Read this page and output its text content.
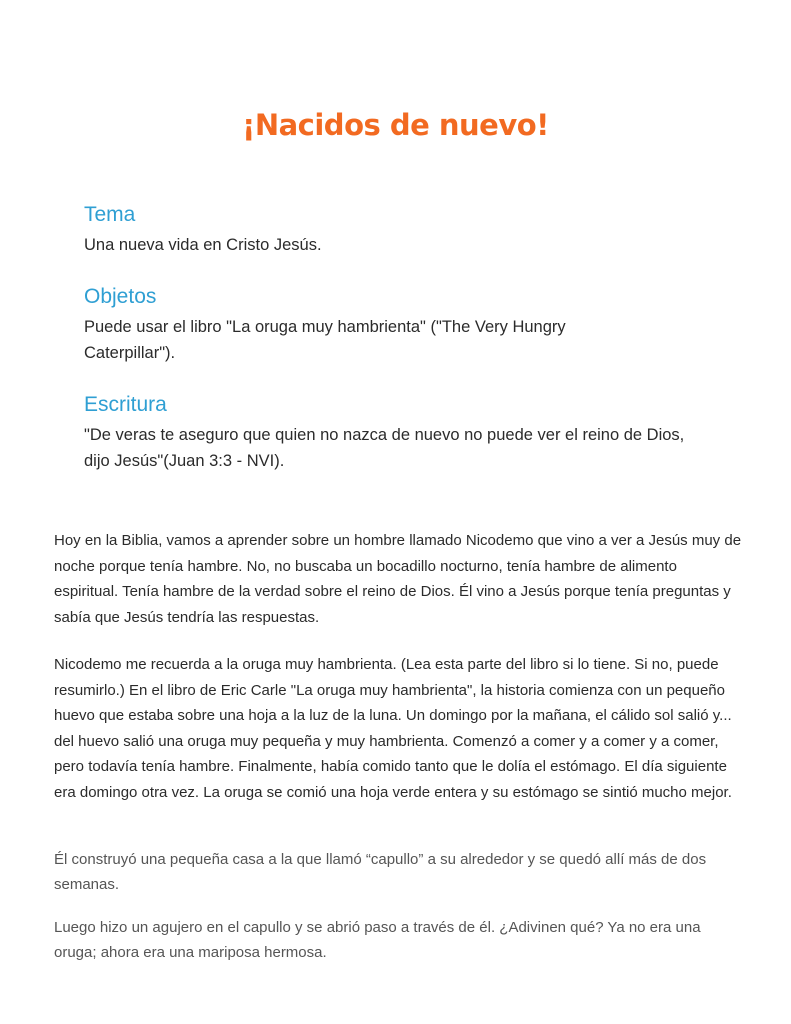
¡Nacidos de nuevo!
Tema

Una nueva vida en Cristo Jesús.

Objetos

Puede usar el libro "La oruga muy hambrienta" ("The Very Hungry Caterpillar").

Escritura

"De veras te aseguro que quien no nazca de nuevo no puede ver el reino de Dios, dijo Jesús"(Juan 3:3 - NVI).

Hoy en la Biblia, vamos a aprender sobre un hombre llamado Nicodemo que vino a ver a Jesús muy de noche porque tenía hambre. No, no buscaba un bocadillo nocturno, tenía hambre de alimento espiritual. Tenía hambre de la verdad sobre el reino de Dios. Él vino a Jesús porque tenía preguntas y sabía que Jesús tendría las respuestas.

Nicodemo me recuerda a la oruga muy hambrienta. (Lea esta parte del libro si lo tiene. Si no, puede resumirlo.) En el libro de Eric Carle "La oruga muy hambrienta", la historia comienza con un pequeño huevo que estaba sobre una hoja a la luz de la luna. Un domingo por la mañana, el cálido sol salió y... del huevo salió una oruga muy pequeña y muy hambrienta. Comenzó a comer y a comer y a comer, pero todavía tenía hambre. Finalmente, había comido tanto que le dolía el estómago. El día siguiente era domingo otra vez. La oruga se comió una hoja verde entera y su estómago se sintió mucho mejor.

Él construyó una pequeña casa a la que llamó “capullo” a su alrededor y se quedó allí más de dos semanas.

Luego hizo un agujero en el capullo y se abrió paso a través de él. ¿Adivinen qué? Ya no era una oruga; ahora era una mariposa hermosa.
